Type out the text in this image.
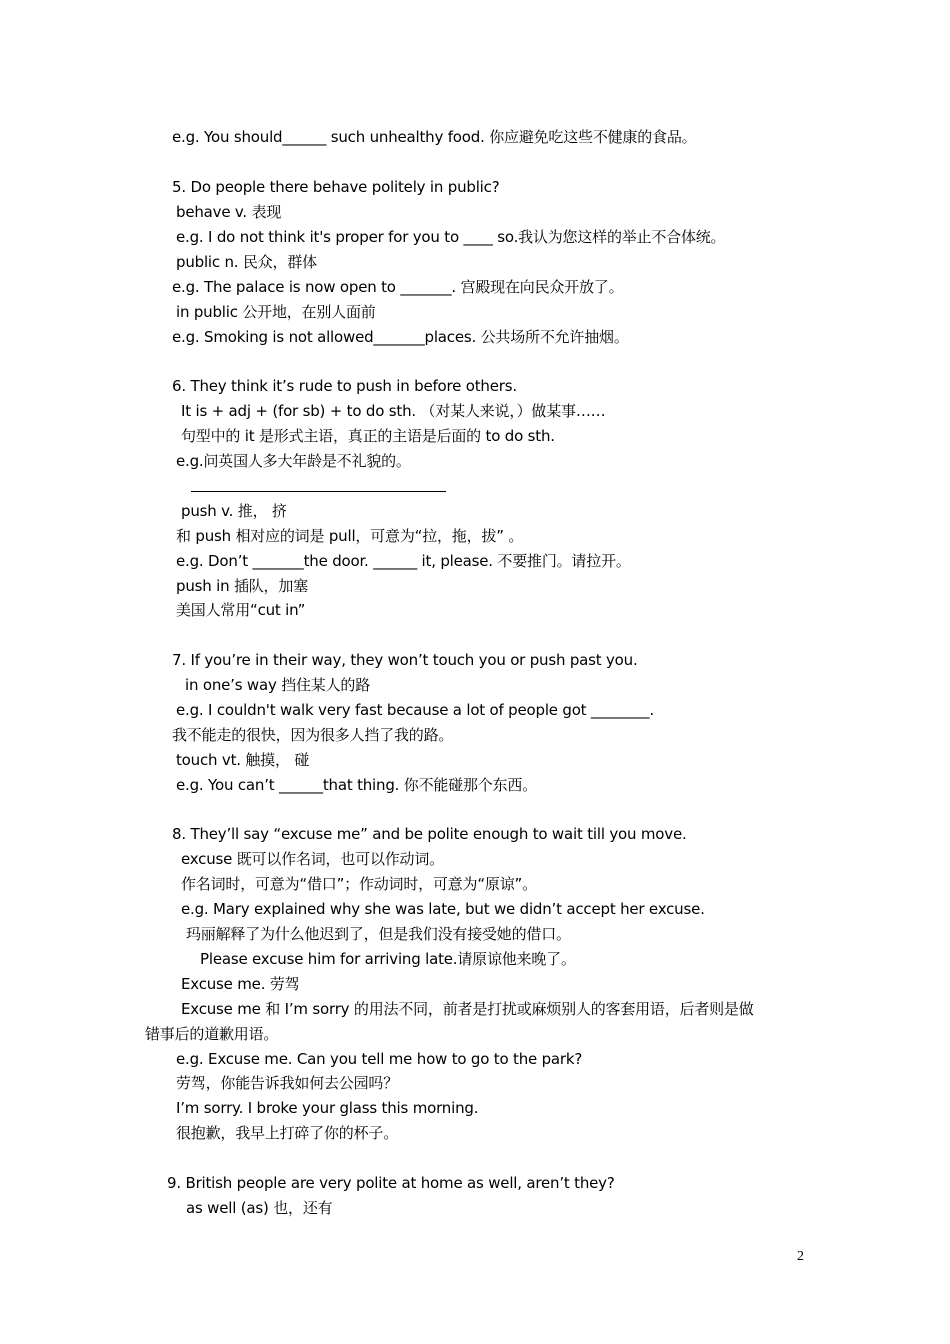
e.g. You should______ such unhealthy food. 你应避免吃这些不健康的食品。
5. Do people there behave politely in public?
behave v. 表现
e.g. I do not think it's proper for you to ____ so.我认为您这样的举止不合体统。
public n. 民众，群体
e.g. The palace is now open to _______. 宫殿现在向民众开放了。
in public 公开地，在别人面前
e.g. Smoking is not allowed_______places. 公共场所不允许抽烟。
6. They think it’s rude to push in before others.
It is + adj + (for sb) + to do sth. （对某人来说，）做某事……
句型中的 it 是形式主语，真正的主语是后面的 to do sth.
e.g.问英国人多大年龄是不礼貌的。
push v. 推， 挤
和 push 相对应的词是 pull，可意为“拉，拖，拔” 。
e.g. Don’t _______the door. ______ it, please. 不要推门。请拉开。
push in 插队，加塞
美国人常用“cut in”
7. If you’re in their way, they won’t touch you or push past you.
in one’s way 挡住某人的路
e.g. I couldn't walk very fast because a lot of people got ________.
我不能走的很快，因为很多人挡了我的路。
touch vt. 触摸， 碰
e.g. You can’t ______that thing. 你不能碰那个东西。
8. They’ll say “excuse me” and be polite enough to wait till you move.
excuse 既可以作名词，也可以作动词。
作名词时，可意为“借口”；作动词时，可意为“原谅”。
e.g. Mary explained why she was late, but we didn’t accept her excuse.
玛丽解释了为什么他迟到了，但是我们没有接受她的借口。
Please excuse him for arriving late.请原谅他来晚了。
Excuse me. 劳驾
Excuse me 和 I’m sorry 的用法不同，前者是打扰或麻烦别人的客套用语，后者则是做
错事后的道歉用语。
e.g. Excuse me. Can you tell me how to go to the park?
劳驾，你能告诉我如何去公园吗？
I’m sorry. I broke your glass this morning.
很抱歉，我早上打碎了你的杯子。
9. British people are very polite at home as well, aren’t they?
as well (as) 也，还有
2
